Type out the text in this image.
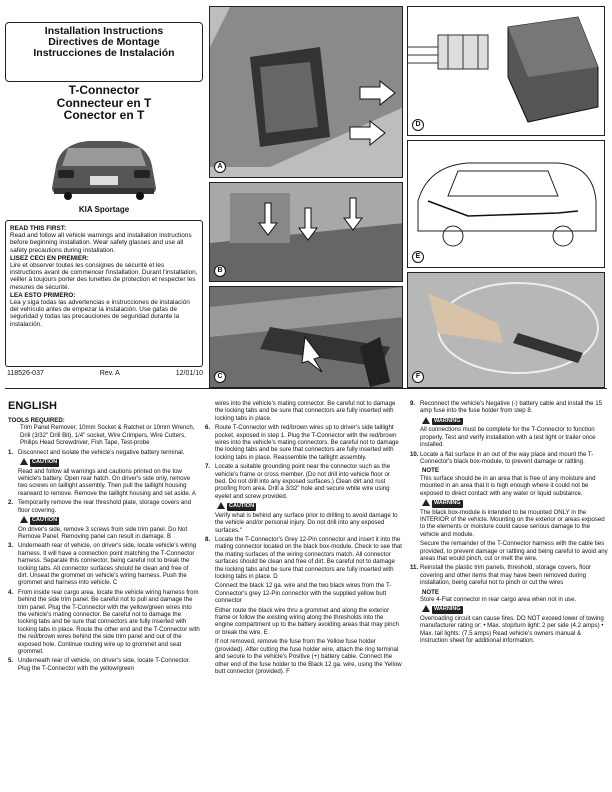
Installation Instructions
Directives de Montage
Instrucciones de Instalación
T-Connector
Connecteur en T
Conector en T
KIA Sportage
READ THIS FIRST:
Read and follow all vehicle warnings and installation instructions before beginning installation. Wear safety glasses and use all safety precautions during installation.
LISEZ CECI EN PREMIER:
Lire et observer toutes les consignes de sécurité et les instructions avant de commencer l'installation. Durant l'installation, veiller à toujours porter des lunettes de protection et respecter les mesures de sécurité.
LEA ESTO PRIMERO:
Lea y siga todas las advertencias e instrucciones de instalación del vehículo antes de empezar la instalación. Use gafas de seguridad y todas las precauciones de seguridad durante la instalación.
118526-037	Rev. A	12/01/10
A
B
C
D
E
F
ENGLISH
TOOLS REQUIRED:
Trim Panel Remover, 10mm Socket & Ratchet or 10mm Wrench, Drill (3/32" Drill Bit), 1/4" socket, Wire Crimpers, Wire Cutters, Philips Head Screwdriver, Fish Tape, Test-probe
1. Disconnect and isolate the vehicle's negative battery terminal.
CAUTION
Read and follow all warnings and cautions printed on the tow vehicle's battery. Open rear hatch. On driver's side only, remove two screws on taillight assembly. Then pull the taillight housing rearward to remove. Remove the taillight housing and set aside. A
2. Temporarily remove the rear threshold plate, storage covers and floor covering.
CAUTION
On driver's side, remove 3 screws from side trim panel. Do Not Remove Panel. Removing panel can result in damage. B
3. Underneath rear of vehicle, on driver's side, locate vehicle's wiring harness. It will have a connection point matching the T-Connector harness. Separate this connector, being careful not to break the locking tabs. All connector surfaces should be clean and free of dirt. Unseat the grommet on vehicle's wiring harness. Push the grommet and harness into vehicle. C
4. From inside rear cargo area, locate the vehicle wiring harness from behind the side trim panel. Be careful not to pull and damage the trim panel. Plug the T-Connector with the yellow/green wires into the vehicle's mating connector. Be careful not to damage the locking tabs and be sure that connectors are fully inserted with locking tabs in place. Route the other end and the T-Connector with the red/brown wires behind the side trim panel and out of the exposed hole. Continue routing wire up to grommet and seat grommet.
5. Underneath rear of vehicle, on driver's side, locate T-Connector. Plug the T-Connector with the yellow/green
wires into the vehicle's mating connector. Be careful not to damage the locking tabs and be sure that connectors are fully inserted with locking tabs in place.
6. Route T-Connector with red/brown wires up to driver's side taillight pocket, exposed in step 1. Plug the T-Connector with the red/brown wires into the vehicle's mating connectors. Be careful not to damage the locking tabs and be sure that connectors are fully inserted with locking tabs in place. Reassemble the taillight assembly.
7. Locate a suitable grounding point near the connector such as the vehicle's frame or cross member. (Do not drill into vehicle floor or bed. Do not drill into any exposed surfaces.) Clean dirt and rust proofing from area. Drill a 3/32" hole and secure white wire using eyelet and screw provided.
CAUTION
Verify what is behind any surface prior to drilling to avoid damage to the vehicle and/or personal injury. Do not drill into any exposed surfaces."
8. Locate the T-Connector's Grey 12-Pin connector and insert it into the mating connector located on the black box-module. Check to see that the mating surfaces of the wiring connectors match. All connector surfaces should be clean and free of dirt. Be careful not to damage the locking tabs and be sure that connectors are fully inserted with locking tabs in place. D
Connect the black 12 ga. wire and the two black wires from the T-Connector's grey 12-Pin connector with the supplied yellow butt connector
Either route the black wire thru a grommet and along the exterior frame or follow the existing wiring along the thresholds into the engine compartment up to the battery avoiding areas that may pinch or break the wire. E
If not removed, remove the fuse from the Yellow fuse holder (provided). After cutting the fuse holder wire, attach the ring terminal and secure to the vehicle's Positive (+) battery cable. Connect the other end of the fuse holder to the Black 12 ga. wire, using the Yellow butt connector (provided). F
9. Reconnect the vehicle's Negative (-) battery cable and install the 15 amp fuse into the fuse holder from step 8.
WARNING
All connections must be complete for the T-Connector to function properly. Test and verify installation with a test light or trailer once installed.
10. Locate a flat surface in an out of the way place and mount the T-Connector's black box-module, to prevent damage or rattling.
NOTE
This surface should be in an area that is free of any moisture and mounted in an area that it is high enough where it could not be exposed to direct contact with any water or liquid substance.
WARNING
The black box-module is intended to be mounted ONLY in the INTERIOR of the vehicle. Mounting on the exterior or areas exposed to the elements or moisture could cause serious damage to the vehicle and module.
Secure the remainder of the T-Connector harness with the cable ties provided, to prevent damage or rattling and being careful to avoid any areas that would pinch, cut or melt the wire.
11. Reinstall the plastic trim panels, threshold, storage covers, floor covering and other items that may have been removed during installation, being careful not to pinch or cut the wires
NOTE
Store 4-Flat connector in rear cargo area when not in use.
WARNING
Overloading circuit can cause fires. DO NOT exceed lower of towing manufacturer rating or: • Max. stop/turn light: 2 per side (4.2 amps) • Max. tail lights: (7.5 amps) Read vehicle's owners manual & instruction sheet for additional information.
